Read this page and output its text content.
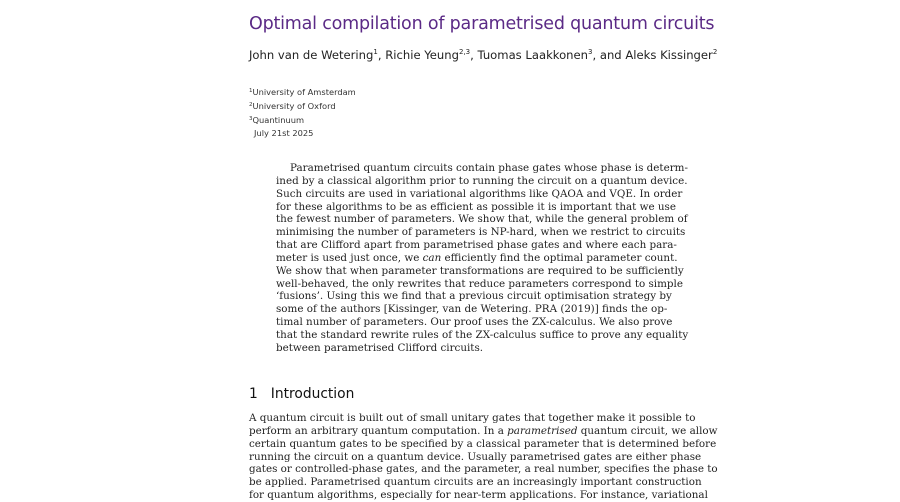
Optimal compilation of parametrised quantum circuits
John van de Wetering$^1$, Richie Yeung$^{2,3}$, Tuomas Laakkonen$^3$, and Aleks Kissinger$^2$
$^1$University of Amsterdam
$^2$University of Oxford
$^3$Quantinuum
July 21st 2025
Parametrised quantum circuits contain phase gates whose phase is determ-
ined by a classical algorithm prior to running the circuit on a quantum device.
Such circuits are used in variational algorithms like QAOA and VQE. In order
for these algorithms to be as efficient as possible it is important that we use
the fewest number of parameters. We show that, while the general problem of
minimising the number of parameters is NP-hard, when we restrict to circuits
that are Clifford apart from parametrised phase gates and where each para-
meter is used just once, we can efficiently find the optimal parameter count.
We show that when parameter transformations are required to be sufficiently
well-behaved, the only rewrites that reduce parameters correspond to simple
‘fusions’. Using this we find that a previous circuit optimisation strategy by
some of the authors [Kissinger, van de Wetering. PRA (2019)] finds the op-
timal number of parameters. Our proof uses the ZX-calculus. We also prove
that the standard rewrite rules of the ZX-calculus suffice to prove any equality
between parametrised Clifford circuits.
1 Introduction
A quantum circuit is built out of small unitary gates that together make it possible to
perform an arbitrary quantum computation. In a parametrised quantum circuit, we allow
certain quantum gates to be specified by a classical parameter that is determined before
running the circuit on a quantum device. Usually parametrised gates are either phase
gates or controlled-phase gates, and the parameter, a real number, specifies the phase to
be applied. Parametrised quantum circuits are an increasingly important construction
for quantum algorithms, especially for near-term applications. For instance, variational
